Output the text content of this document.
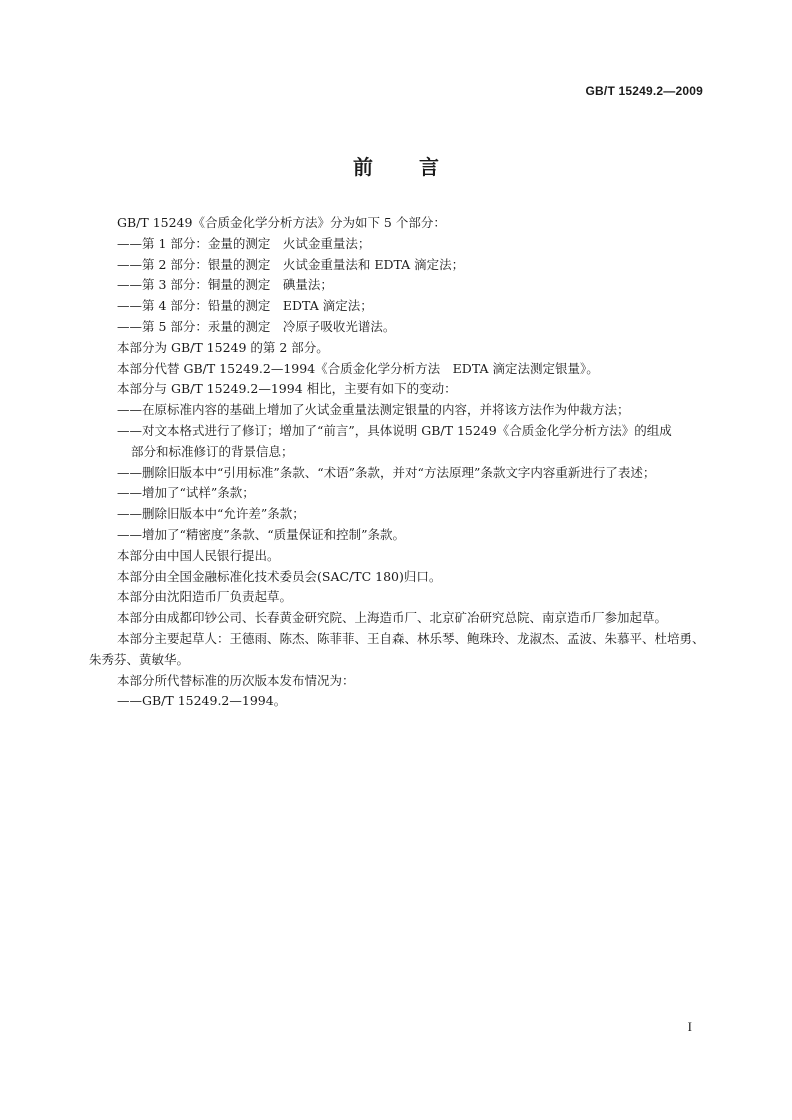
GB/T 15249.2—2009
前 言
GB/T 15249《合质金化学分析方法》分为如下 5 个部分：
——第 1 部分：金量的测定　火试金重量法；
——第 2 部分：银量的测定　火试金重量法和 EDTA 滴定法；
——第 3 部分：铜量的测定　碘量法；
——第 4 部分：铅量的测定　EDTA 滴定法；
——第 5 部分：汞量的测定　冷原子吸收光谱法。
本部分为 GB/T 15249 的第 2 部分。
本部分代替 GB/T 15249.2—1994《合质金化学分析方法　EDTA 滴定法测定银量》。
本部分与 GB/T 15249.2—1994 相比，主要有如下的变动：
——在原标准内容的基础上增加了火试金重量法测定银量的内容，并将该方法作为仲裁方法；
——对文本格式进行了修订；增加了“前言”，具体说明 GB/T 15249《合质金化学分析方法》的组成
部分和标准修订的背景信息；
——删除旧版本中“引用标准”条款、“术语”条款，并对“方法原理”条款文字内容重新进行了表述；
——增加了“试样”条款；
——删除旧版本中“允许差”条款；
——增加了“精密度”条款、“质量保证和控制”条款。
本部分由中国人民银行提出。
本部分由全国金融标准化技术委员会(SAC/TC 180)归口。
本部分由沈阳造币厂负责起草。
本部分由成都印钞公司、长春黄金研究院、上海造币厂、北京矿冶研究总院、南京造币厂参加起草。
本部分主要起草人：王德雨、陈杰、陈菲菲、王自森、林乐琴、鲍珠玲、龙淑杰、孟波、朱慕平、杜培勇、
朱秀芬、黄敏华。
本部分所代替标准的历次版本发布情况为：
——GB/T 15249.2—1994。
I
